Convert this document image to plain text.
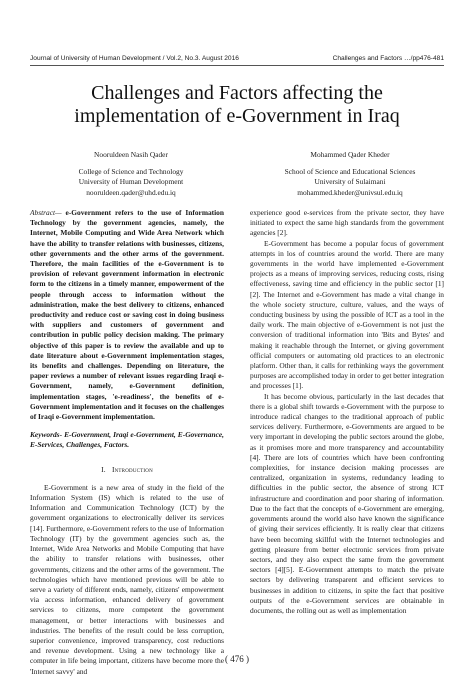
Journal of University of Human Development / Vol.2, No.3. August 2016	Challenges and Factors …/pp476-481
Challenges and Factors affecting the implementation of e-Government in Iraq
Nooruldeen Nasih Qader
College of Science and Technology
University of Human Development
nooruldeen.qader@uhd.edu.iq
Mohammed Qader Kheder
School of Science and Educational Sciences
University of Sulaimani
mohammed.kheder@univsul.edu.iq

Abstract— e-Government refers to the use of Information Technology by the government agencies, namely, the Internet, Mobile Computing and Wide Area Network which have the ability to transfer relations with businesses, citizens, other governments and the other arms of the government. Therefore, the main facilities of the e-Government is to provision of relevant government information in electronic form to the citizens in a timely manner, empowerment of the people through access to information without the administration, make the best delivery to citizens, enhanced productivity and reduce cost or saving cost in doing business with suppliers and customers of government and contribution in public policy decision making. The primary objective of this paper is to review the available and up to date literature about e-Government implementation stages, its benefits and challenges. Depending on literature, the paper reviews a number of relevant issues regarding Iraqi e-Government, namely, e-Government definition, implementation stages, 'e-readiness', the benefits of e-Government implementation and it focuses on the challenges of Iraqi e-Government implementation.

Keywords- E-Government, Iraqi e-Government, E-Governance, E-Services, Challenges, Factors.

I. Introduction

E-Government is a new area of study in the field of the Information System (IS) which is related to the use of Information and Communication Technology (ICT) by the government organizations to electronically deliver its services [14]. Furthermore, e-Government refers to the use of Information Technology (IT) by the government agencies such as, the Internet, Wide Area Networks and Mobile Computing that have the ability to transfer relations with businesses, other governments, citizens and the other arms of the government. The technologies which have mentioned previous will be able to serve a variety of different ends, namely, citizens' empowerment via access information, enhanced delivery of government services to citizens, more competent the government management, or better interactions with businesses and industries. The benefits of the result could be less corruption, superior convenience, improved transparency, cost reductions and revenue development. Using a new technology like a computer in life being important, citizens have become more the 'Internet savvy' and

experience good e-services from the private sector, they have initiated to expect the same high standards from the government agencies [2].

E-Government has become a popular focus of government attempts in los of countries around the world. There are many governments in the world have implemented e-Government projects as a means of improving services, reducing costs, rising effectiveness, saving time and efficiency in the public sector [1][2]. The Internet and e-Government has made a vital change in the whole society structure, culture, values, and the ways of conducting business by using the possible of ICT as a tool in the daily work. The main objective of e-Government is not just the conversion of traditional information into 'Bits and Bytes' and making it reachable through the Internet, or giving government official computers or automating old practices to an electronic platform. Other than, it calls for rethinking ways the government purposes are accomplished today in order to get better integration and processes [1].

It has become obvious, particularly in the last decades that there is a global shift towards e-Government with the purpose to introduce radical changes to the traditional approach of public services delivery. Furthermore, e-Governments are argued to be very important in developing the public sectors around the globe, as it promises more and more transparency and accountability [4]. There are lots of countries which have been confronting complexities, for instance decision making processes are centralized, organization in systems, redundancy leading to difficulties in the public sector, the absence of strong ICT infrastructure and coordination and poor sharing of information. Due to the fact that the concepts of e-Government are emerging, governments around the world also have known the significance of giving their services efficiently. It is really clear that citizens have been becoming skillful with the Internet technologies and getting pleasure from better electronic services from private sectors, and they also expect the same from the government sectors [4][5]. E-Government attempts to match the private sectors by delivering transparent and efficient services to businesses in addition to citizens, in spite the fact that positive outputs of the e-Government services are obtainable in documents, the rolling out as well as implementation

( 476 )
